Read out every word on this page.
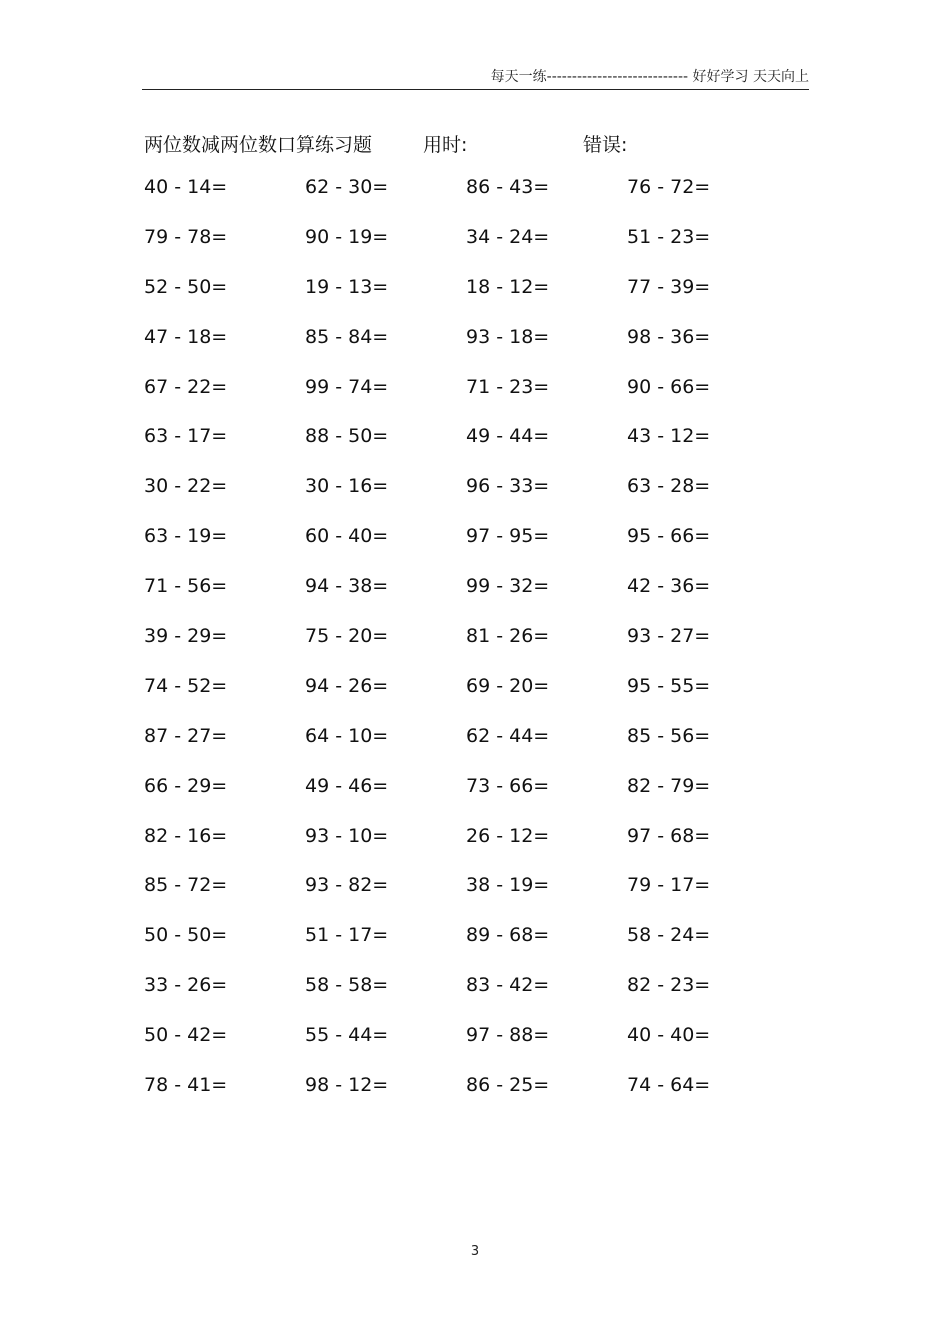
每天一练---------------------------- 好好学习 天天向上
两位数减两位数口算练习题	用时:	错误:
40 - 14=	62 - 30=	86 - 43=	76 - 72=
79 - 78=	90 - 19=	34 - 24=	51 - 23=
52 - 50=	19 - 13=	18 - 12=	77 - 39=
47 - 18=	85 - 84=	93 - 18=	98 - 36=
67 - 22=	99 - 74=	71 - 23=	90 - 66=
63 - 17=	88 - 50=	49 - 44=	43 - 12=
30 - 22=	30 - 16=	96 - 33=	63 - 28=
63 - 19=	60 - 40=	97 - 95=	95 - 66=
71 - 56=	94 - 38=	99 - 32=	42 - 36=
39 - 29=	75 - 20=	81 - 26=	93 - 27=
74 - 52=	94 - 26=	69 - 20=	95 - 55=
87 - 27=	64 - 10=	62 - 44=	85 - 56=
66 - 29=	49 - 46=	73 - 66=	82 - 79=
82 - 16=	93 - 10=	26 - 12=	97 - 68=
85 - 72=	93 - 82=	38 - 19=	79 - 17=
50 - 50=	51 - 17=	89 - 68=	58 - 24=
33 - 26=	58 - 58=	83 - 42=	82 - 23=
50 - 42=	55 - 44=	97 - 88=	40 - 40=
78 - 41=	98 - 12=	86 - 25=	74 - 64=
3
